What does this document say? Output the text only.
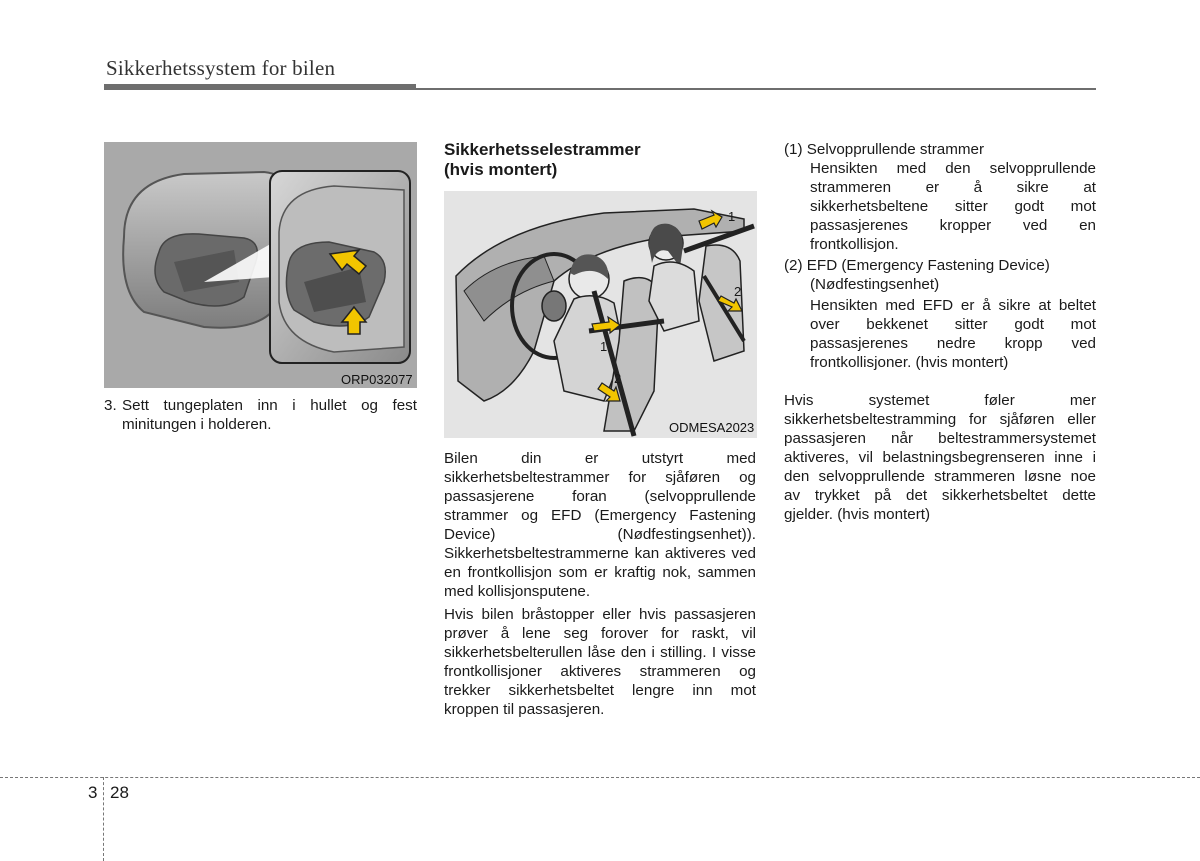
Sikkerhetssystem for bilen
ORP032077
3. Sett tungeplaten inn i hullet og fest minitungen i holderen.

Sikkerhetsselestrammer
(hvis montert)
1
2
1
2
ODMESA2023

Bilen din er utstyrt med sikkerhetsbeltestrammer for sjåføren og passasjerene foran (selvopprullende strammer og EFD (Emergency Fastening Device) (Nødfestingsenhet)). Sikkerhetsbeltestrammerne kan aktiveres ved en frontkollisjon som er kraftig nok, sammen med kollisjonsputene.

Hvis bilen bråstopper eller hvis passasjeren prøver å lene seg forover for raskt, vil sikkerhetsbelterullen låse den i stilling. I visse frontkollisjoner aktiveres strammeren og trekker sikkerhetsbeltet lengre inn mot kroppen til passasjeren.

(1) Selvopprullende strammer

Hensikten med den selvopprullende strammeren er å sikre at sikkerhetsbeltene sitter godt mot passasjerenes kropper ved en frontkollisjon.

(2) EFD (Emergency Fastening Device)
(Nødfestingsenhet)

Hensikten med EFD er å sikre at beltet over bekkenet sitter godt mot passasjerenes nedre kropp ved frontkollisjoner. (hvis montert)

Hvis systemet føler mer sikkerhetsbeltestramming for sjåføren eller passasjeren når beltestrammersystemet aktiveres, vil belastningsbegrenseren inne i den selvopprullende strammeren løsne noe av trykket på det sikkerhetsbeltet dette gjelder. (hvis montert)

3 28
